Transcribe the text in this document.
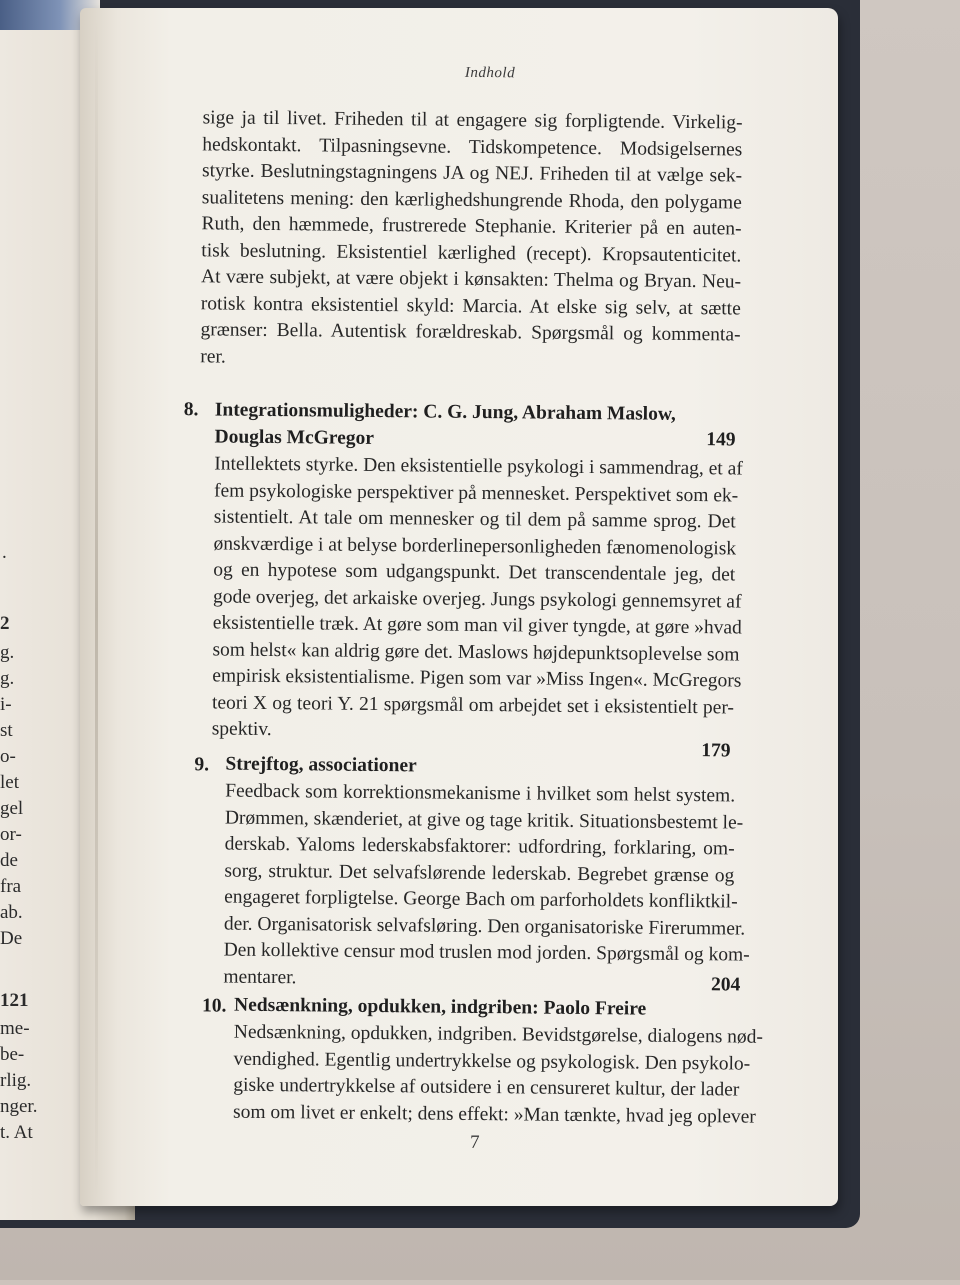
.
2
g.
g.
i-
st
o-
let
gel
or-
de
fra
ab.
De
121
me-
be-
rlig.
nger.
t. At
Indhold
sige ja til livet. Friheden til at engagere sig forpligtende. Virkelig-
hedskontakt. Tilpasningsevne. Tidskompetence. Modsigelsernes
styrke. Beslutningstagningens JA og NEJ. Friheden til at vælge sek-
sualitetens mening: den kærlighedshungrende Rhoda, den polygame
Ruth, den hæmmede, frustrerede Stephanie. Kriterier på en auten-
tisk beslutning. Eksistentiel kærlighed (recept). Kropsautenticitet.
At være subjekt, at være objekt i kønsakten: Thelma og Bryan. Neu-
rotisk kontra eksistentiel skyld: Marcia. At elske sig selv, at sætte
grænser: Bella. Autentisk forældreskab. Spørgsmål og kommenta-
rer.
8. Integrationsmuligheder: C. G. Jung, Abraham Maslow,
Douglas McGregor	149
Intellektets styrke. Den eksistentielle psykologi i sammendrag, et af
fem psykologiske perspektiver på mennesket. Perspektivet som ek-
sistentielt. At tale om mennesker og til dem på samme sprog. Det
ønskværdige i at belyse borderlinepersonligheden fænomenologisk
og en hypotese som udgangspunkt. Det transcendentale jeg, det
gode overjeg, det arkaiske overjeg. Jungs psykologi gennemsyret af
eksistentielle træk. At gøre som man vil giver tyngde, at gøre »hvad
som helst« kan aldrig gøre det. Maslows højdepunktsoplevelse som
empirisk eksistentialisme. Pigen som var »Miss Ingen«. McGregors
teori X og teori Y. 21 spørgsmål om arbejdet set i eksistentielt per-
spektiv.
179
9. Strejftog, associationer
Feedback som korrektionsmekanisme i hvilket som helst system.
Drømmen, skænderiet, at give og tage kritik. Situationsbestemt le-
derskab. Yaloms lederskabsfaktorer: udfordring, forklaring, om-
sorg, struktur. Det selvafslørende lederskab. Begrebet grænse og
engageret forpligtelse. George Bach om parforholdets konfliktkil-
der. Organisatorisk selvafsløring. Den organisatoriske Firerummer.
Den kollektive censur mod truslen mod jorden. Spørgsmål og kom-
mentarer.	204
10. Nedsænkning, opdukken, indgriben: Paolo Freire
Nedsænkning, opdukken, indgriben. Bevidstgørelse, dialogens nød-
vendighed. Egentlig undertrykkelse og psykologisk. Den psykolo-
giske undertrykkelse af outsidere i en censureret kultur, der lader
som om livet er enkelt; dens effekt: »Man tænkte, hvad jeg oplever
7
